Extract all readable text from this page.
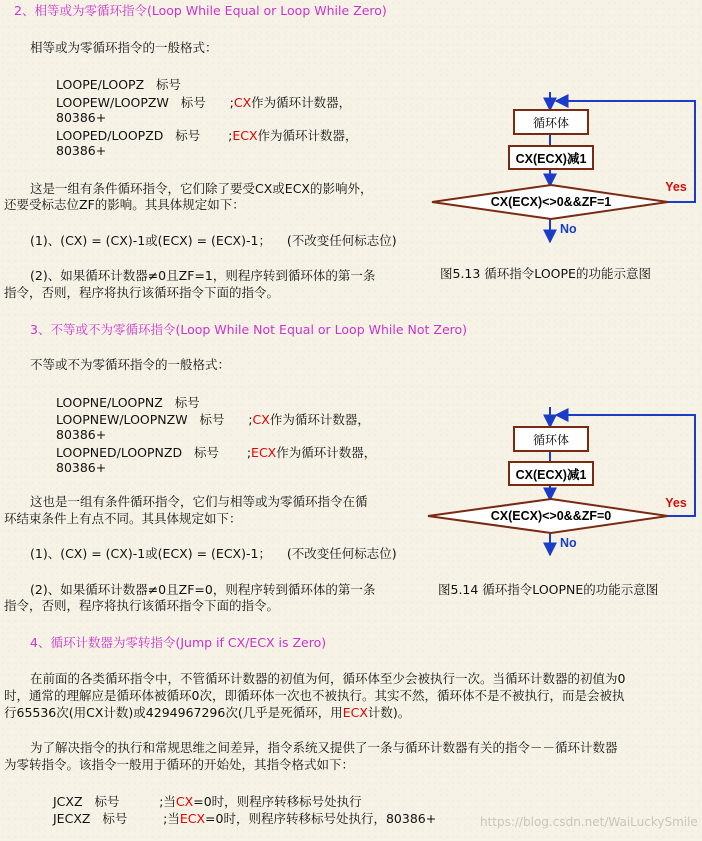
2、相等或为零循环指令(Loop While Equal or Loop While Zero)
相等或为零循环指令的一般格式：
LOOPE/LOOPZ   标号
LOOPEW/LOOPZW   标号      ;CX作为循环计数器，
80386+
LOOPED/LOOPZD   标号       ;ECX作为循环计数器，
80386+
这是一组有条件循环指令，它们除了要受CX或ECX的影响外，
还要受标志位ZF的影响。其具体规定如下：
(1)、(CX) = (CX)-1或(ECX) = (ECX)-1；    (不改变任何标志位)
(2)、如果循环计数器≠0且ZF=1，则程序转到循环体的第一条
指令，否则，程序将执行该循环指令下面的指令。
循环体
CX(ECX)减1
CX(ECX)<>0&&ZF=1
Yes
No
图5.13 循环指令LOOPE的功能示意图
3、不等或不为零循环指令(Loop While Not Equal or Loop While Not Zero)
不等或不为零循环指令的一般格式：
LOOPNE/LOOPNZ   标号
LOOPNEW/LOOPNZW   标号      ;CX作为循环计数器，
80386+
LOOPNED/LOOPNZD   标号       ;ECX作为循环计数器，
80386+
这也是一组有条件循环指令，它们与相等或为零循环指令在循
环结束条件上有点不同。其具体规定如下：
(1)、(CX) = (CX)-1或(ECX) = (ECX)-1；    (不改变任何标志位)
(2)、如果循环计数器≠0且ZF=0，则程序转到循环体的第一条
指令，否则，程序将执行该循环指令下面的指令。
循环体
CX(ECX)减1
CX(ECX)<>0&&ZF=0
Yes
No
图5.14 循环指令LOOPNE的功能示意图
4、循环计数器为零转指令(Jump if CX/ECX is Zero)
在前面的各类循环指令中，不管循环计数器的初值为何，循环体至少会被执行一次。当循环计数器的初值为0
时，通常的理解应是循环体被循环0次，即循环体一次也不被执行。其实不然，循环体不是不被执行，而是会被执
行65536次(用CX计数)或4294967296次(几乎是死循环，用ECX计数)。
为了解决指令的执行和常规思维之间差异，指令系统又提供了一条与循环计数器有关的指令－－循环计数器
为零转指令。该指令一般用于循环的开始处，其指令格式如下：
JCXZ   标号          ;当CX=0时，则程序转移标号处执行
JECXZ   标号         ;当ECX=0时，则程序转移标号处执行，80386+	https://blog.csdn.net/WaiLuckySmile
